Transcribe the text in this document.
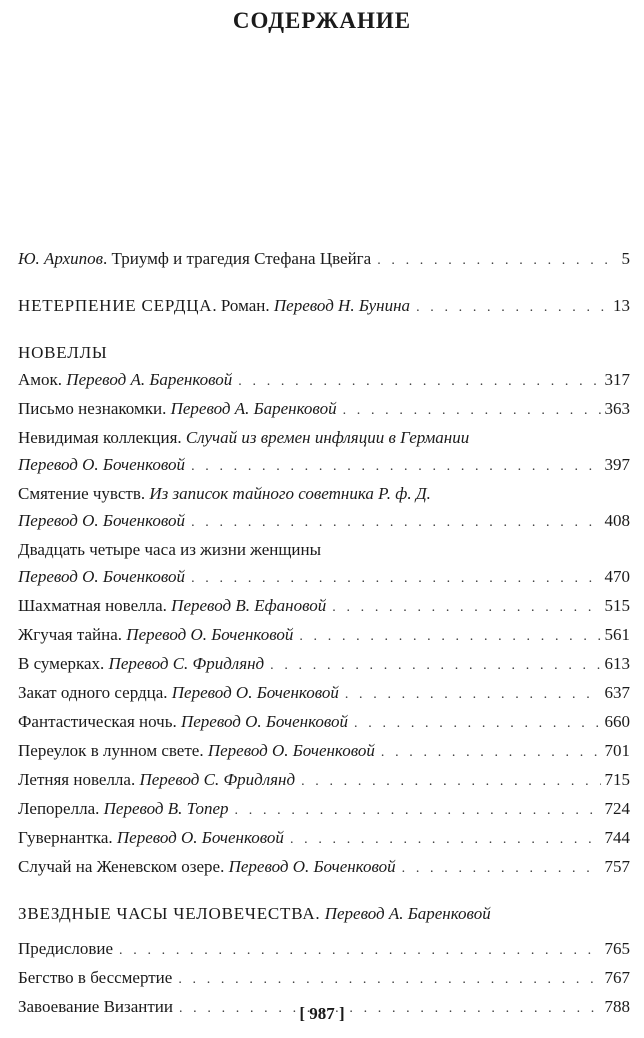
СОДЕРЖАНИЕ
Ю. Архипов. Триумф и трагедия Стефана Цвейга . . .	5
НЕТЕРПЕНИЕ СЕРДЦА. Роман. Перевод Н. Бунина . . .	13
НОВЕЛЛЫ
Амок. Перевод А. Баренковой . . .	317
Письмо незнакомки. Перевод А. Баренковой . . .	363
Невидимая коллекция. Случай из времен инфляции в Германии
Перевод О. Боченковой . . .	397
Смятение чувств. Из записок тайного советника Р. ф. Д.
Перевод О. Боченковой . . .	408
Двадцать четыре часа из жизни женщины
Перевод О. Боченковой . . .	470
Шахматная новелла. Перевод В. Ефановой . . .	515
Жгучая тайна. Перевод О. Боченковой . . .	561
В сумерках. Перевод С. Фридлянд . . .	613
Закат одного сердца. Перевод О. Боченковой . . .	637
Фантастическая ночь. Перевод О. Боченковой . . .	660
Переулок в лунном свете. Перевод О. Боченковой . . .	701
Летняя новелла. Перевод С. Фридлянд . . .	715
Лепорелла. Перевод В. Топер . . .	724
Гувернантка. Перевод О. Боченковой . . .	744
Случай на Женевском озере. Перевод О. Боченковой . . .	757
ЗВЕЗДНЫЕ ЧАСЫ ЧЕЛОВЕЧЕСТВА. Перевод А. Баренковой
Предисловие . . .	765
Бегство в бессмертие . . .	767
Завоевание Византии . . .	788
[ 987 ]
